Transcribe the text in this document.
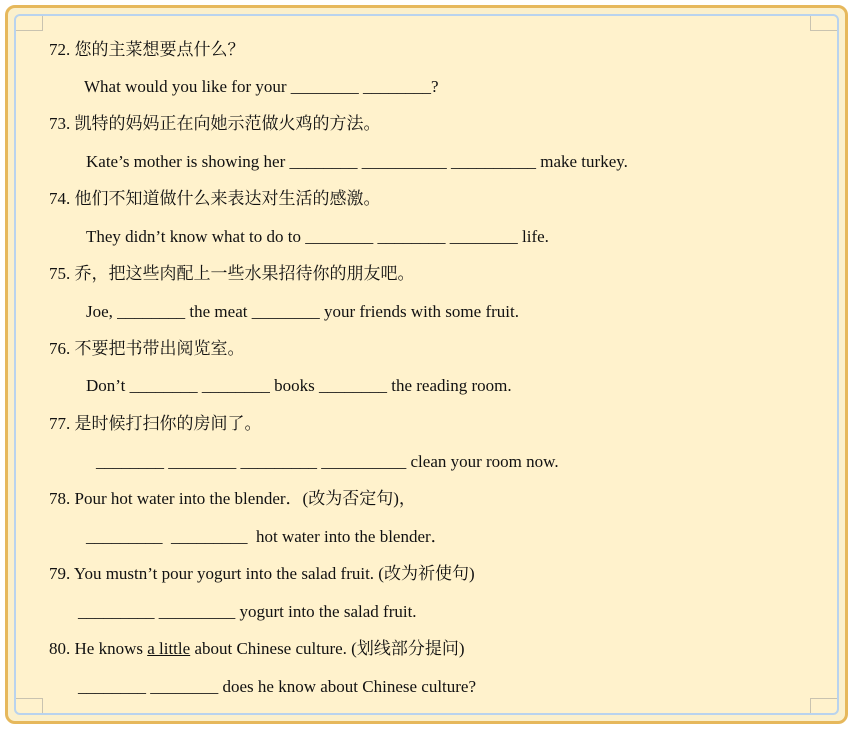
72. 您的主菜想要点什么？
What would you like for your ________ ________?
73. 凯特的妈妈正在向她示范做火鸡的方法。
Kate’s mother is showing her ________ __________ __________ make turkey.
74. 他们不知道做什么来表达对生活的感激。
They didn’t know what to do to ________ ________ ________ life.
75. 乔，把这些肉配上一些水果招待你的朋友吧。
Joe, ________ the meat ________ your friends with some fruit.
76. 不要把书带出阅览室。
Don’t ________ ________ books ________ the reading room.
77. 是时候打扫你的房间了。
________ ________ _________ __________ clean your room now.
78. Pour hot water into the blender．(改为否定句)，
_________  _________  hot water into the blender．
79. You mustn’t pour yogurt into the salad fruit. (改为祈使句)
_________ _________ yogurt into the salad fruit.
80. He knows a little about Chinese culture. (划线部分提问)
________ ________ does he know about Chinese culture?
